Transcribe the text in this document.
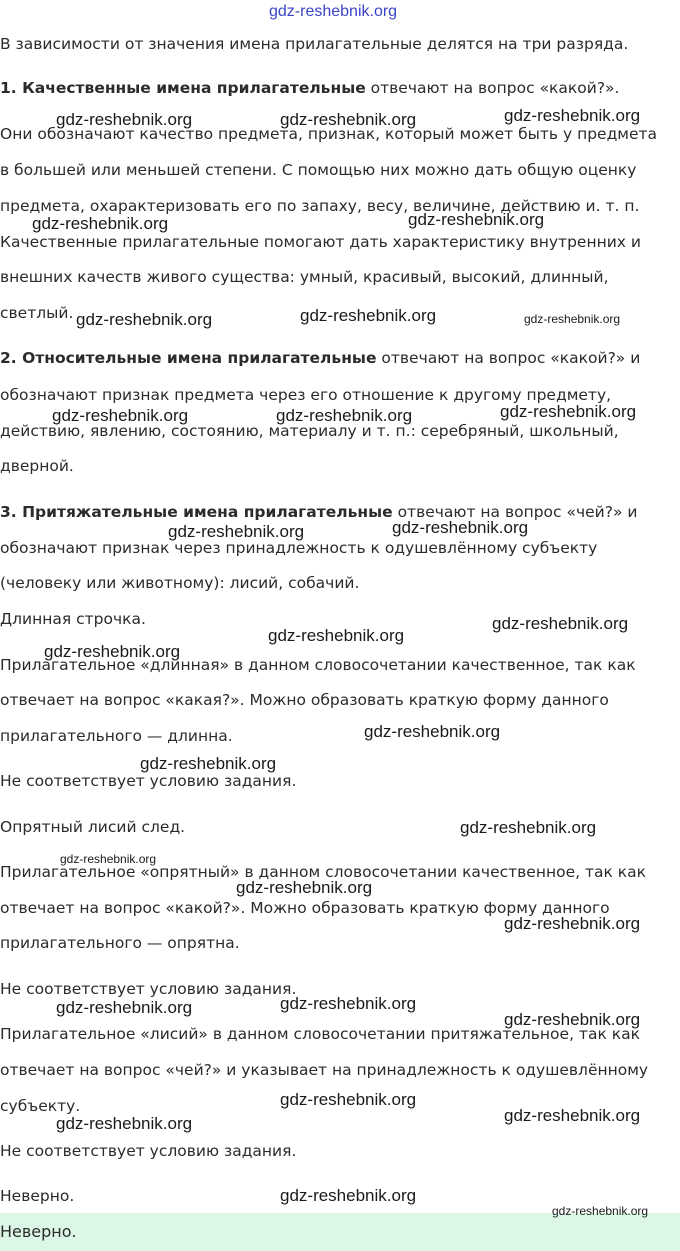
gdz-reshebnik.org

В зависимости от значения имена прилагательные делятся на три разряда.

1. Качественные имена прилагательные отвечают на вопрос «какой?».

Они обозначают качество предмета, признак, который может быть у предмета

в большей или меньшей степени. С помощью них можно дать общую оценку

предмета, охарактеризовать его по запаху, весу, величине, действию и. т. п.

Качественные прилагательные помогают дать характеристику внутренних и

внешних качеств живого существа: умный, красивый, высокий, длинный,

светлый.

2. Относительные имена прилагательные отвечают на вопрос «какой?» и

обозначают признак предмета через его отношение к другому предмету,

действию, явлению, состоянию, материалу и т. п.: серебряный, школьный,

дверной.

3. Притяжательные имена прилагательные отвечают на вопрос «чей?» и

обозначают признак через принадлежность к одушевлённому субъекту

(человеку или животному): лисий, собачий.

Длинная строчка.

Прилагательное «длинная» в данном словосочетании качественное, так как

отвечает на вопрос «какая?». Можно образовать краткую форму данного

прилагательного — длинна.

Не соответствует условию задания.

Опрятный лисий след.

Прилагательное «опрятный» в данном словосочетании качественное, так как

отвечает на вопрос «какой?». Можно образовать краткую форму данного

прилагательного — опрятна.

Не соответствует условию задания.

Прилагательное «лисий» в данном словосочетании притяжательное, так как

отвечает на вопрос «чей?» и указывает на принадлежность к одушевлённому

субъекту.

Не соответствует условию задания.

Неверно.

Неверно.
gdz-reshebnik.org	gdz-reshebnik.org	gdz-reshebnik.org
gdz-reshebnik.org	gdz-reshebnik.org
gdz-reshebnik.org	gdz-reshebnik.org	gdz-reshebnik.org
gdz-reshebnik.org	gdz-reshebnik.org	gdz-reshebnik.org
gdz-reshebnik.org	gdz-reshebnik.org
gdz-reshebnik.org
gdz-reshebnik.org
gdz-reshebnik.org
gdz-reshebnik.org
gdz-reshebnik.org
gdz-reshebnik.org
gdz-reshebnik.org
gdz-reshebnik.org
gdz-reshebnik.org
gdz-reshebnik.org	gdz-reshebnik.org
gdz-reshebnik.org
gdz-reshebnik.org
gdz-reshebnik.org
gdz-reshebnik.org
gdz-reshebnik.org
gdz-reshebnik.org
